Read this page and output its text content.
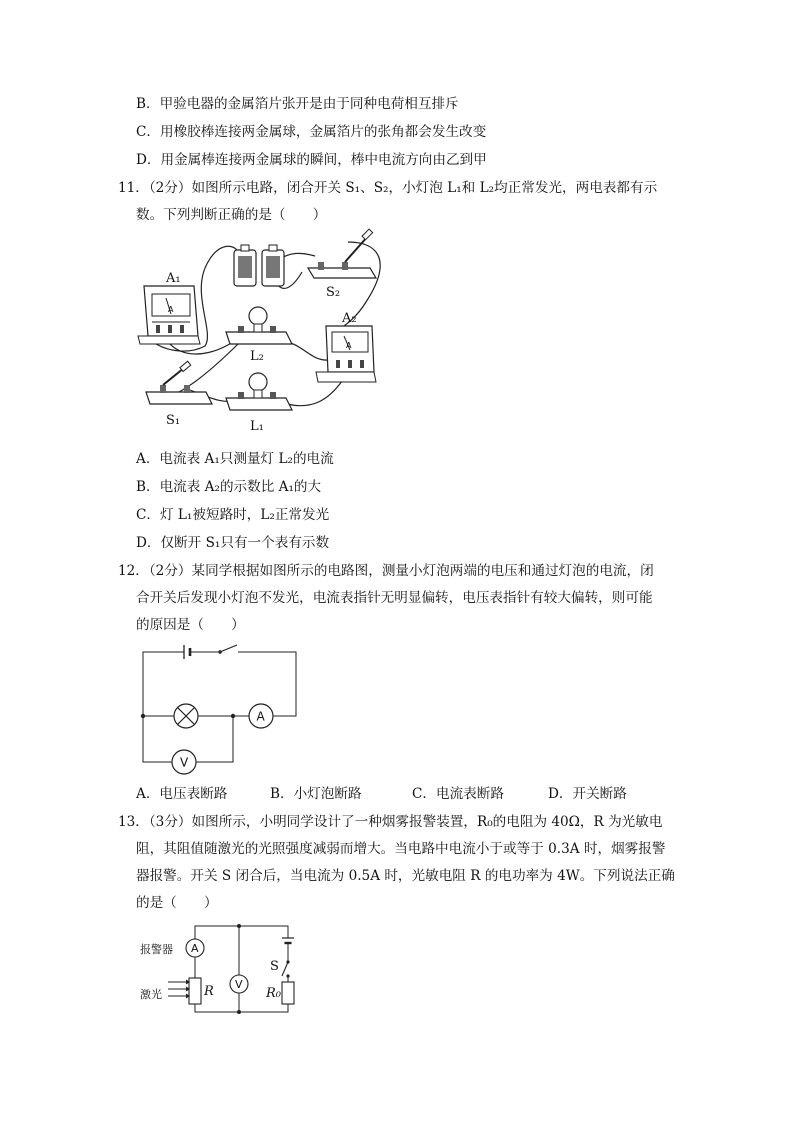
B．甲验电器的金属箔片张开是由于同种电荷相互排斥
C．用橡胶棒连接两金属球，金属箔片的张角都会发生改变
D．用金属棒连接两金属球的瞬间，棒中电流方向由乙到甲
11．（2分）如图所示电路，闭合开关 S₁、S₂，小灯泡 L₁和 L₂均正常发光，两电表都有示
数。下列判断正确的是（　　）
S₂
A
A₁
L₂
A
A₂
S₁	L₁
A．电流表 A₁只测量灯 L₂的电流
B．电流表 A₂的示数比 A₁的大
C．灯 L₁被短路时，L₂正常发光
D．仅断开 S₁只有一个表有示数
12．（2分）某同学根据如图所示的电路图，测量小灯泡两端的电压和通过灯泡的电流，闭
合开关后发现小灯泡不发光，电流表指针无明显偏转，电压表指针有较大偏转，则可能
的原因是（　　）
A
V
A．电压表断路	B．小灯泡断路	C．电流表断路	D．开关断路
13．（3分）如图所示，小明同学设计了一种烟雾报警装置，R₀的电阻为 40Ω，R 为光敏电
阻，其阻值随激光的光照强度减弱而增大。当电路中电流小于或等于 0.3A 时，烟雾报警
器报警。开关 S 闭合后，当电流为 0.5A 时，光敏电阻 R 的电功率为 4W。下列说法正确
的是（　　）
S
R₀
A
报警器
R
激光
V
